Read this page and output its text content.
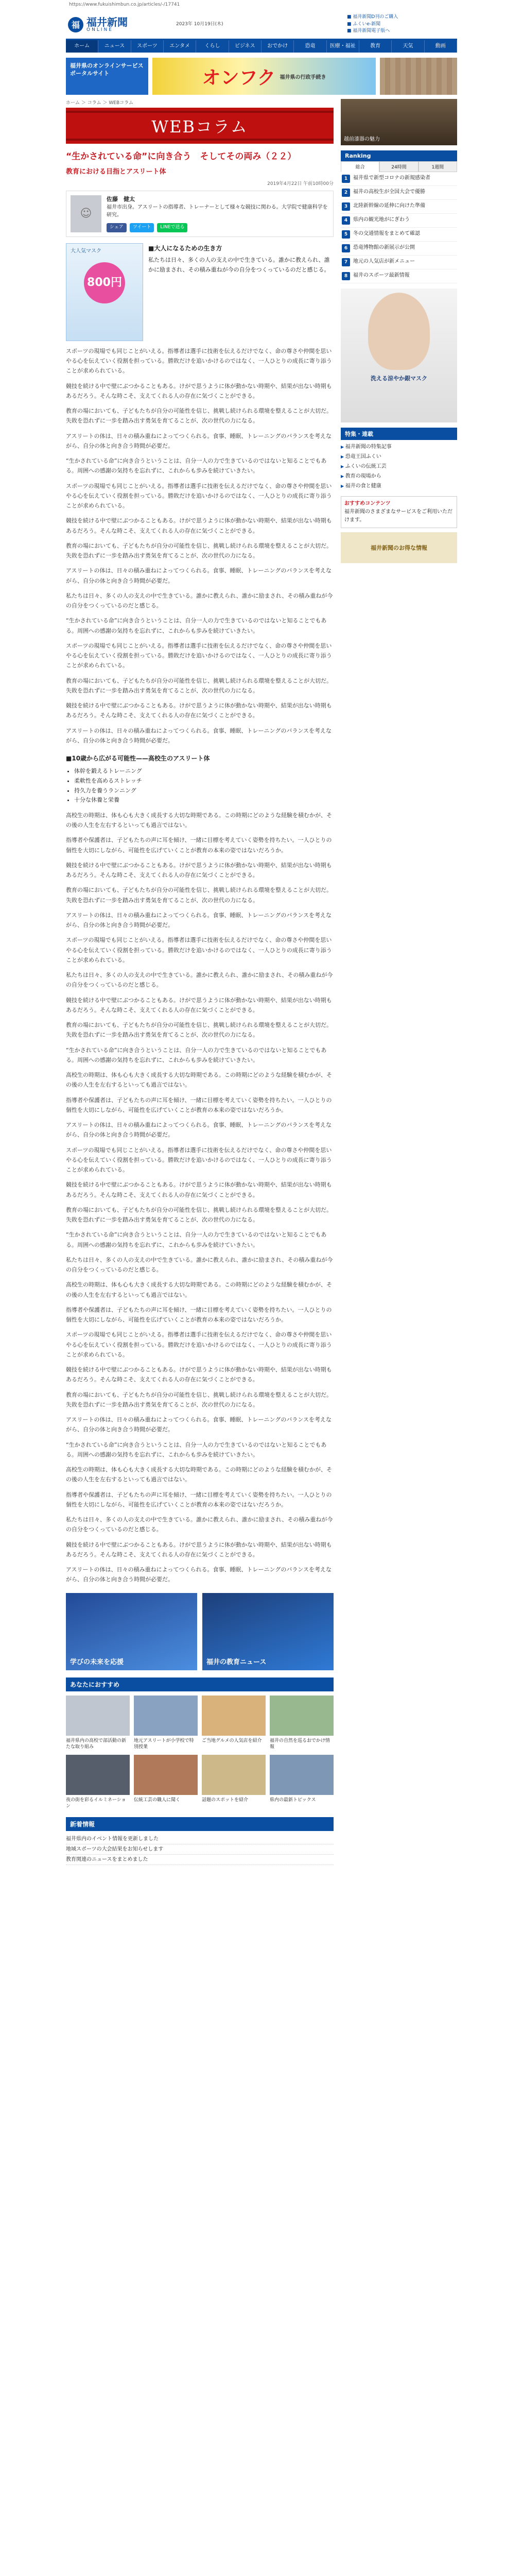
https://www.fukuishimbun.co.jp/articles/-/17741
福 福井新聞
ONLINE
2023年 10月19日(木)
■ 福井新聞D刊のご購入
■ ふくいe-新聞
■ 福井新聞電子版へ
ホーム	ニュース	スポーツ	エンタメ	くらし	ビジネス	おでかけ	恐竜	医療・福祉	教育	天気	動画
福井県のオンラインサービスポータルサイト	オンフク 福井県の行政手続き
ホーム ＞ コラム ＞ WEBコラム
WEBコラム
“生かされている命”に向き合う　そしてその両み（２２）
教育における目指とアスリート体
2019年4月22日 午前10時00分
☺
佐藤　健太
福井市出身。アスリートの指導者、トレーナーとして様々な競技に関わる。大学院で健康科学を研究。
シェア	ツイート	LINEで送る
大人気マスク
800円
■大人になるための生き方

私たちは日々、多くの人の支えの中で生きている。誰かに教えられ、誰かに励まされ、その積み重ねが今の自分をつくっているのだと感じる。

スポーツの現場でも同じことがいえる。指導者は選手に技術を伝えるだけでなく、命の尊さや仲間を思いやる心を伝えていく役割を担っている。勝敗だけを追いかけるのではなく、一人ひとりの成長に寄り添うことが求められている。

競技を続ける中で壁にぶつかることもある。けがで思うように体が動かない時期や、結果が出ない時期もあるだろう。そんな時こそ、支えてくれる人の存在に気づくことができる。

教育の場においても、子どもたちが自分の可能性を信じ、挑戦し続けられる環境を整えることが大切だ。失敗を恐れずに一歩を踏み出す勇気を育てることが、次の世代の力になる。

アスリートの体は、日々の積み重ねによってつくられる。食事、睡眠、トレーニングのバランスを考えながら、自分の体と向き合う時間が必要だ。

“生かされている命”に向き合うということは、自分一人の力で生きているのではないと知ることでもある。周囲への感謝の気持ちを忘れずに、これからも歩みを続けていきたい。

スポーツの現場でも同じことがいえる。指導者は選手に技術を伝えるだけでなく、命の尊さや仲間を思いやる心を伝えていく役割を担っている。勝敗だけを追いかけるのではなく、一人ひとりの成長に寄り添うことが求められている。

競技を続ける中で壁にぶつかることもある。けがで思うように体が動かない時期や、結果が出ない時期もあるだろう。そんな時こそ、支えてくれる人の存在に気づくことができる。

教育の場においても、子どもたちが自分の可能性を信じ、挑戦し続けられる環境を整えることが大切だ。失敗を恐れずに一歩を踏み出す勇気を育てることが、次の世代の力になる。

アスリートの体は、日々の積み重ねによってつくられる。食事、睡眠、トレーニングのバランスを考えながら、自分の体と向き合う時間が必要だ。

私たちは日々、多くの人の支えの中で生きている。誰かに教えられ、誰かに励まされ、その積み重ねが今の自分をつくっているのだと感じる。

“生かされている命”に向き合うということは、自分一人の力で生きているのではないと知ることでもある。周囲への感謝の気持ちを忘れずに、これからも歩みを続けていきたい。

スポーツの現場でも同じことがいえる。指導者は選手に技術を伝えるだけでなく、命の尊さや仲間を思いやる心を伝えていく役割を担っている。勝敗だけを追いかけるのではなく、一人ひとりの成長に寄り添うことが求められている。

教育の場においても、子どもたちが自分の可能性を信じ、挑戦し続けられる環境を整えることが大切だ。失敗を恐れずに一歩を踏み出す勇気を育てることが、次の世代の力になる。

競技を続ける中で壁にぶつかることもある。けがで思うように体が動かない時期や、結果が出ない時期もあるだろう。そんな時こそ、支えてくれる人の存在に気づくことができる。

アスリートの体は、日々の積み重ねによってつくられる。食事、睡眠、トレーニングのバランスを考えながら、自分の体と向き合う時間が必要だ。

■10歳から広がる可能性——高校生のアスリート体
• 体幹を鍛えるトレーニング
• 柔軟性を高めるストレッチ
• 持久力を養うランニング
• 十分な休養と栄養

高校生の時期は、体も心も大きく成長する大切な時期である。この時期にどのような経験を積むかが、その後の人生を左右するといっても過言ではない。

指導者や保護者は、子どもたちの声に耳を傾け、一緒に目標を考えていく姿勢を持ちたい。一人ひとりの個性を大切にしながら、可能性を広げていくことが教育の本来の姿ではないだろうか。

競技を続ける中で壁にぶつかることもある。けがで思うように体が動かない時期や、結果が出ない時期もあるだろう。そんな時こそ、支えてくれる人の存在に気づくことができる。

教育の場においても、子どもたちが自分の可能性を信じ、挑戦し続けられる環境を整えることが大切だ。失敗を恐れずに一歩を踏み出す勇気を育てることが、次の世代の力になる。

アスリートの体は、日々の積み重ねによってつくられる。食事、睡眠、トレーニングのバランスを考えながら、自分の体と向き合う時間が必要だ。

スポーツの現場でも同じことがいえる。指導者は選手に技術を伝えるだけでなく、命の尊さや仲間を思いやる心を伝えていく役割を担っている。勝敗だけを追いかけるのではなく、一人ひとりの成長に寄り添うことが求められている。

私たちは日々、多くの人の支えの中で生きている。誰かに教えられ、誰かに励まされ、その積み重ねが今の自分をつくっているのだと感じる。

競技を続ける中で壁にぶつかることもある。けがで思うように体が動かない時期や、結果が出ない時期もあるだろう。そんな時こそ、支えてくれる人の存在に気づくことができる。

教育の場においても、子どもたちが自分の可能性を信じ、挑戦し続けられる環境を整えることが大切だ。失敗を恐れずに一歩を踏み出す勇気を育てることが、次の世代の力になる。

“生かされている命”に向き合うということは、自分一人の力で生きているのではないと知ることでもある。周囲への感謝の気持ちを忘れずに、これからも歩みを続けていきたい。

高校生の時期は、体も心も大きく成長する大切な時期である。この時期にどのような経験を積むかが、その後の人生を左右するといっても過言ではない。

指導者や保護者は、子どもたちの声に耳を傾け、一緒に目標を考えていく姿勢を持ちたい。一人ひとりの個性を大切にしながら、可能性を広げていくことが教育の本来の姿ではないだろうか。

アスリートの体は、日々の積み重ねによってつくられる。食事、睡眠、トレーニングのバランスを考えながら、自分の体と向き合う時間が必要だ。

スポーツの現場でも同じことがいえる。指導者は選手に技術を伝えるだけでなく、命の尊さや仲間を思いやる心を伝えていく役割を担っている。勝敗だけを追いかけるのではなく、一人ひとりの成長に寄り添うことが求められている。

競技を続ける中で壁にぶつかることもある。けがで思うように体が動かない時期や、結果が出ない時期もあるだろう。そんな時こそ、支えてくれる人の存在に気づくことができる。

教育の場においても、子どもたちが自分の可能性を信じ、挑戦し続けられる環境を整えることが大切だ。失敗を恐れずに一歩を踏み出す勇気を育てることが、次の世代の力になる。

“生かされている命”に向き合うということは、自分一人の力で生きているのではないと知ることでもある。周囲への感謝の気持ちを忘れずに、これからも歩みを続けていきたい。

私たちは日々、多くの人の支えの中で生きている。誰かに教えられ、誰かに励まされ、その積み重ねが今の自分をつくっているのだと感じる。

高校生の時期は、体も心も大きく成長する大切な時期である。この時期にどのような経験を積むかが、その後の人生を左右するといっても過言ではない。

指導者や保護者は、子どもたちの声に耳を傾け、一緒に目標を考えていく姿勢を持ちたい。一人ひとりの個性を大切にしながら、可能性を広げていくことが教育の本来の姿ではないだろうか。

スポーツの現場でも同じことがいえる。指導者は選手に技術を伝えるだけでなく、命の尊さや仲間を思いやる心を伝えていく役割を担っている。勝敗だけを追いかけるのではなく、一人ひとりの成長に寄り添うことが求められている。

競技を続ける中で壁にぶつかることもある。けがで思うように体が動かない時期や、結果が出ない時期もあるだろう。そんな時こそ、支えてくれる人の存在に気づくことができる。

教育の場においても、子どもたちが自分の可能性を信じ、挑戦し続けられる環境を整えることが大切だ。失敗を恐れずに一歩を踏み出す勇気を育てることが、次の世代の力になる。

アスリートの体は、日々の積み重ねによってつくられる。食事、睡眠、トレーニングのバランスを考えながら、自分の体と向き合う時間が必要だ。

“生かされている命”に向き合うということは、自分一人の力で生きているのではないと知ることでもある。周囲への感謝の気持ちを忘れずに、これからも歩みを続けていきたい。

高校生の時期は、体も心も大きく成長する大切な時期である。この時期にどのような経験を積むかが、その後の人生を左右するといっても過言ではない。

指導者や保護者は、子どもたちの声に耳を傾け、一緒に目標を考えていく姿勢を持ちたい。一人ひとりの個性を大切にしながら、可能性を広げていくことが教育の本来の姿ではないだろうか。

私たちは日々、多くの人の支えの中で生きている。誰かに教えられ、誰かに励まされ、その積み重ねが今の自分をつくっているのだと感じる。

競技を続ける中で壁にぶつかることもある。けがで思うように体が動かない時期や、結果が出ない時期もあるだろう。そんな時こそ、支えてくれる人の存在に気づくことができる。

アスリートの体は、日々の積み重ねによってつくられる。食事、睡眠、トレーニングのバランスを考えながら、自分の体と向き合う時間が必要だ。

学びの未来を応援	福井の教育ニュース
あなたにおすすめ
福井県内の高校で部活動の新たな取り組み
地元アスリートが小学校で特別授業
ご当地グルメの人気店を紹介	福井の自然を巡るおでかけ情報
夜の街を彩るイルミネーション
伝統工芸の職人に聞く	話題のスポットを紹介	県内の最新トピックス
新着情報
福井県内のイベント情報を更新しました
地域スポーツの大会結果をお知らせします
教育関連のニュースをまとめました
越前漆器の魅力
Ranking
総合	24時間	1週間
1	福井県で新型コロナの新規感染者
2	福井の高校生が全国大会で優勝
3	北陸新幹線の延伸に向けた準備
4	県内の観光地がにぎわう
5	冬の交通情報をまとめて確認
6	恐竜博物館の新展示が公開
7	地元の人気店が新メニュー
8	福井のスポーツ最新情報
洗える涼やか銀マスク
特集・連載
▶ 福井新聞の特集記事
▶ 恐竜王国ふくい
▶ ふくいの伝統工芸
▶ 教育の現場から
▶ 福井の食と健康
おすすめコンテンツ
福井新聞のさまざまなサービスをご利用いただけます。
福井新聞のお得な情報
